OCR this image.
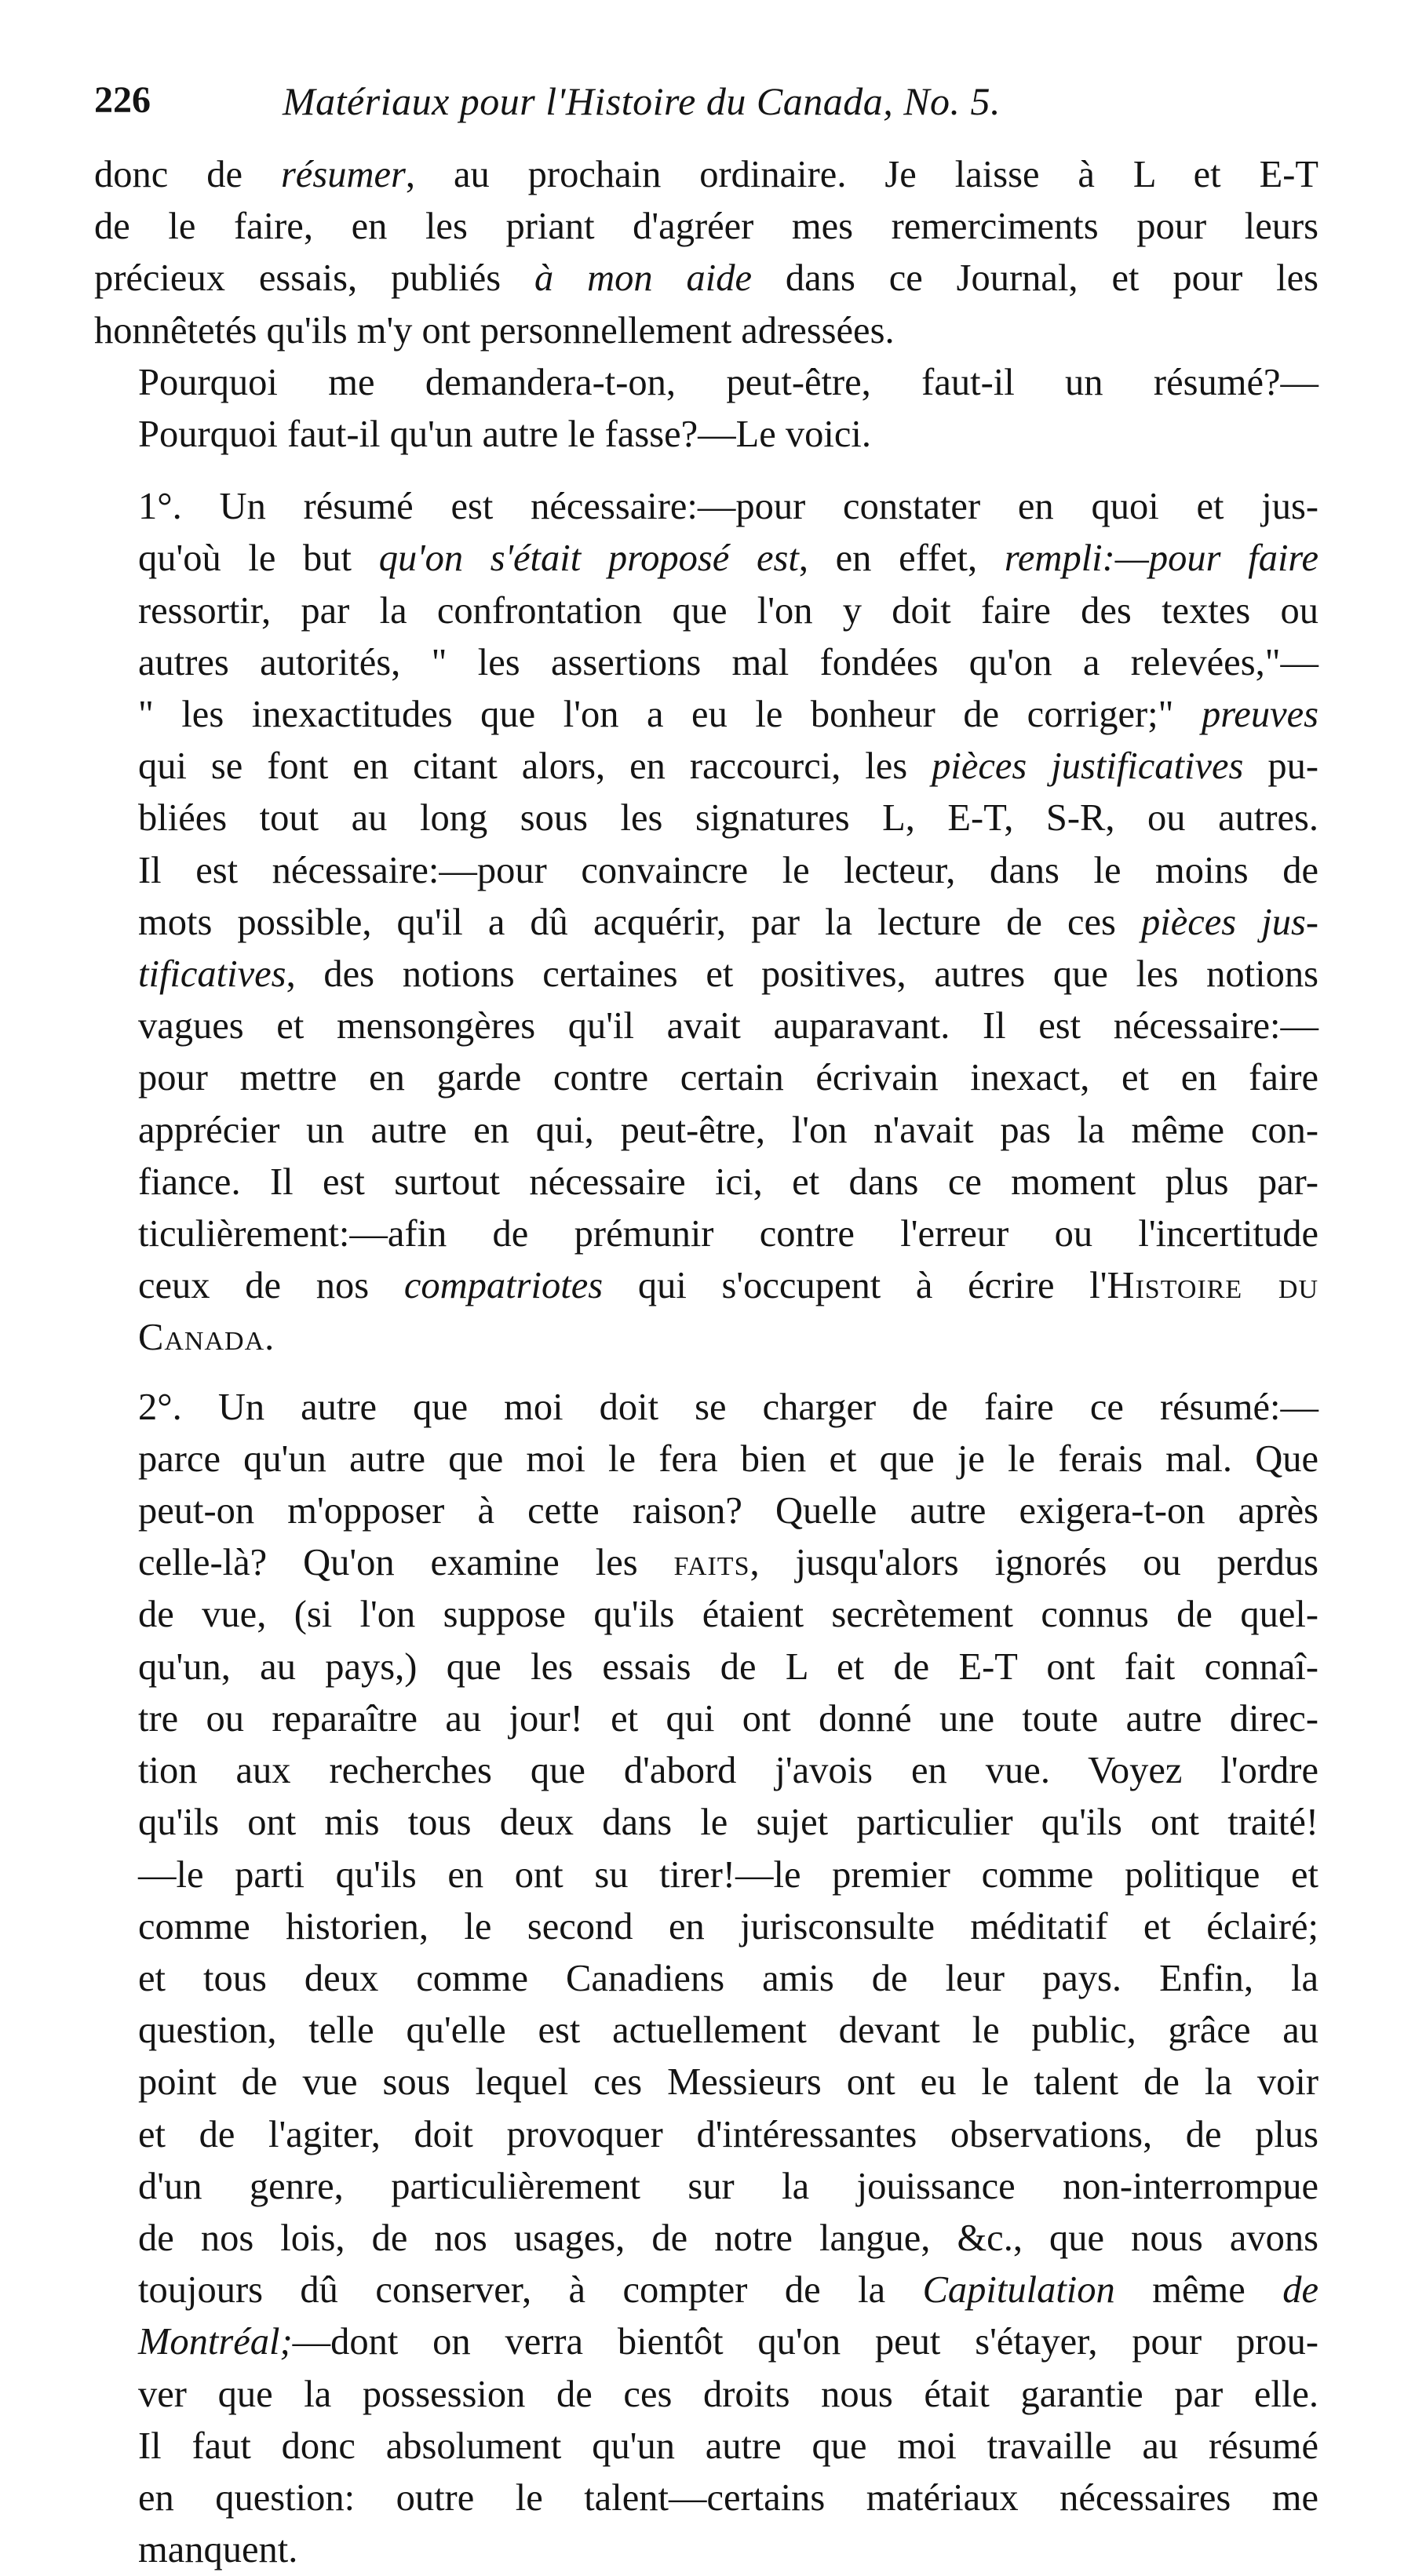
226	Matériaux pour l'Histoire du Canada, No. 5.

donc de résumer, au prochain ordinaire. Je laisse à L et E-T
de le faire, en les priant d'agréer mes remerciments pour leurs
précieux essais, publiés à mon aide dans ce Journal, et pour les
honnêtetés qu'ils m'y ont personnellement adressées.

Pourquoi me demandera-t-on, peut-être, faut-il un résumé?—
Pourquoi faut-il qu'un autre le fasse?—Le voici.

1°. Un résumé est nécessaire:—pour constater en quoi et jus-
qu'où le but qu'on s'était proposé est, en effet, rempli:—pour faire
ressortir, par la confrontation que l'on y doit faire des textes ou
autres autorités, " les assertions mal fondées qu'on a relevées,"—
" les inexactitudes que l'on a eu le bonheur de corriger;" preuves
qui se font en citant alors, en raccourci, les pièces justificatives pu-
bliées tout au long sous les signatures L, E-T, S-R, ou autres.
Il est nécessaire:—pour convaincre le lecteur, dans le moins de
mots possible, qu'il a dû acquérir, par la lecture de ces pièces jus-
tificatives, des notions certaines et positives, autres que les notions
vagues et mensongères qu'il avait auparavant. Il est nécessaire:—
pour mettre en garde contre certain écrivain inexact, et en faire
apprécier un autre en qui, peut-être, l'on n'avait pas la même con-
fiance. Il est surtout nécessaire ici, et dans ce moment plus par-
ticulièrement:—afin de prémunir contre l'erreur ou l'incertitude
ceux de nos compatriotes qui s'occupent à écrire l'Histoire du
Canada.

2°. Un autre que moi doit se charger de faire ce résumé:—
parce qu'un autre que moi le fera bien et que je le ferais mal. Que
peut-on m'opposer à cette raison? Quelle autre exigera-t-on après
celle-là? Qu'on examine les faits, jusqu'alors ignorés ou perdus
de vue, (si l'on suppose qu'ils étaient secrètement connus de quel-
qu'un, au pays,) que les essais de L et de E-T ont fait connaî-
tre ou reparaître au jour! et qui ont donné une toute autre direc-
tion aux recherches que d'abord j'avois en vue. Voyez l'ordre
qu'ils ont mis tous deux dans le sujet particulier qu'ils ont traité!
—le parti qu'ils en ont su tirer!—le premier comme politique et
comme historien, le second en jurisconsulte méditatif et éclairé;
et tous deux comme Canadiens amis de leur pays. Enfin, la
question, telle qu'elle est actuellement devant le public, grâce au
point de vue sous lequel ces Messieurs ont eu le talent de la voir
et de l'agiter, doit provoquer d'intéressantes observations, de plus
d'un genre, particulièrement sur la jouissance non-interrompue
de nos lois, de nos usages, de notre langue, &c., que nous avons
toujours dû conserver, à compter de la Capitulation même de
Montréal;—dont on verra bientôt qu'on peut s'étayer, pour prou-
ver que la possession de ces droits nous était garantie par elle.
Il faut donc absolument qu'un autre que moi travaille au résumé
en question: outre le talent—certains matériaux nécessaires me
manquent.
